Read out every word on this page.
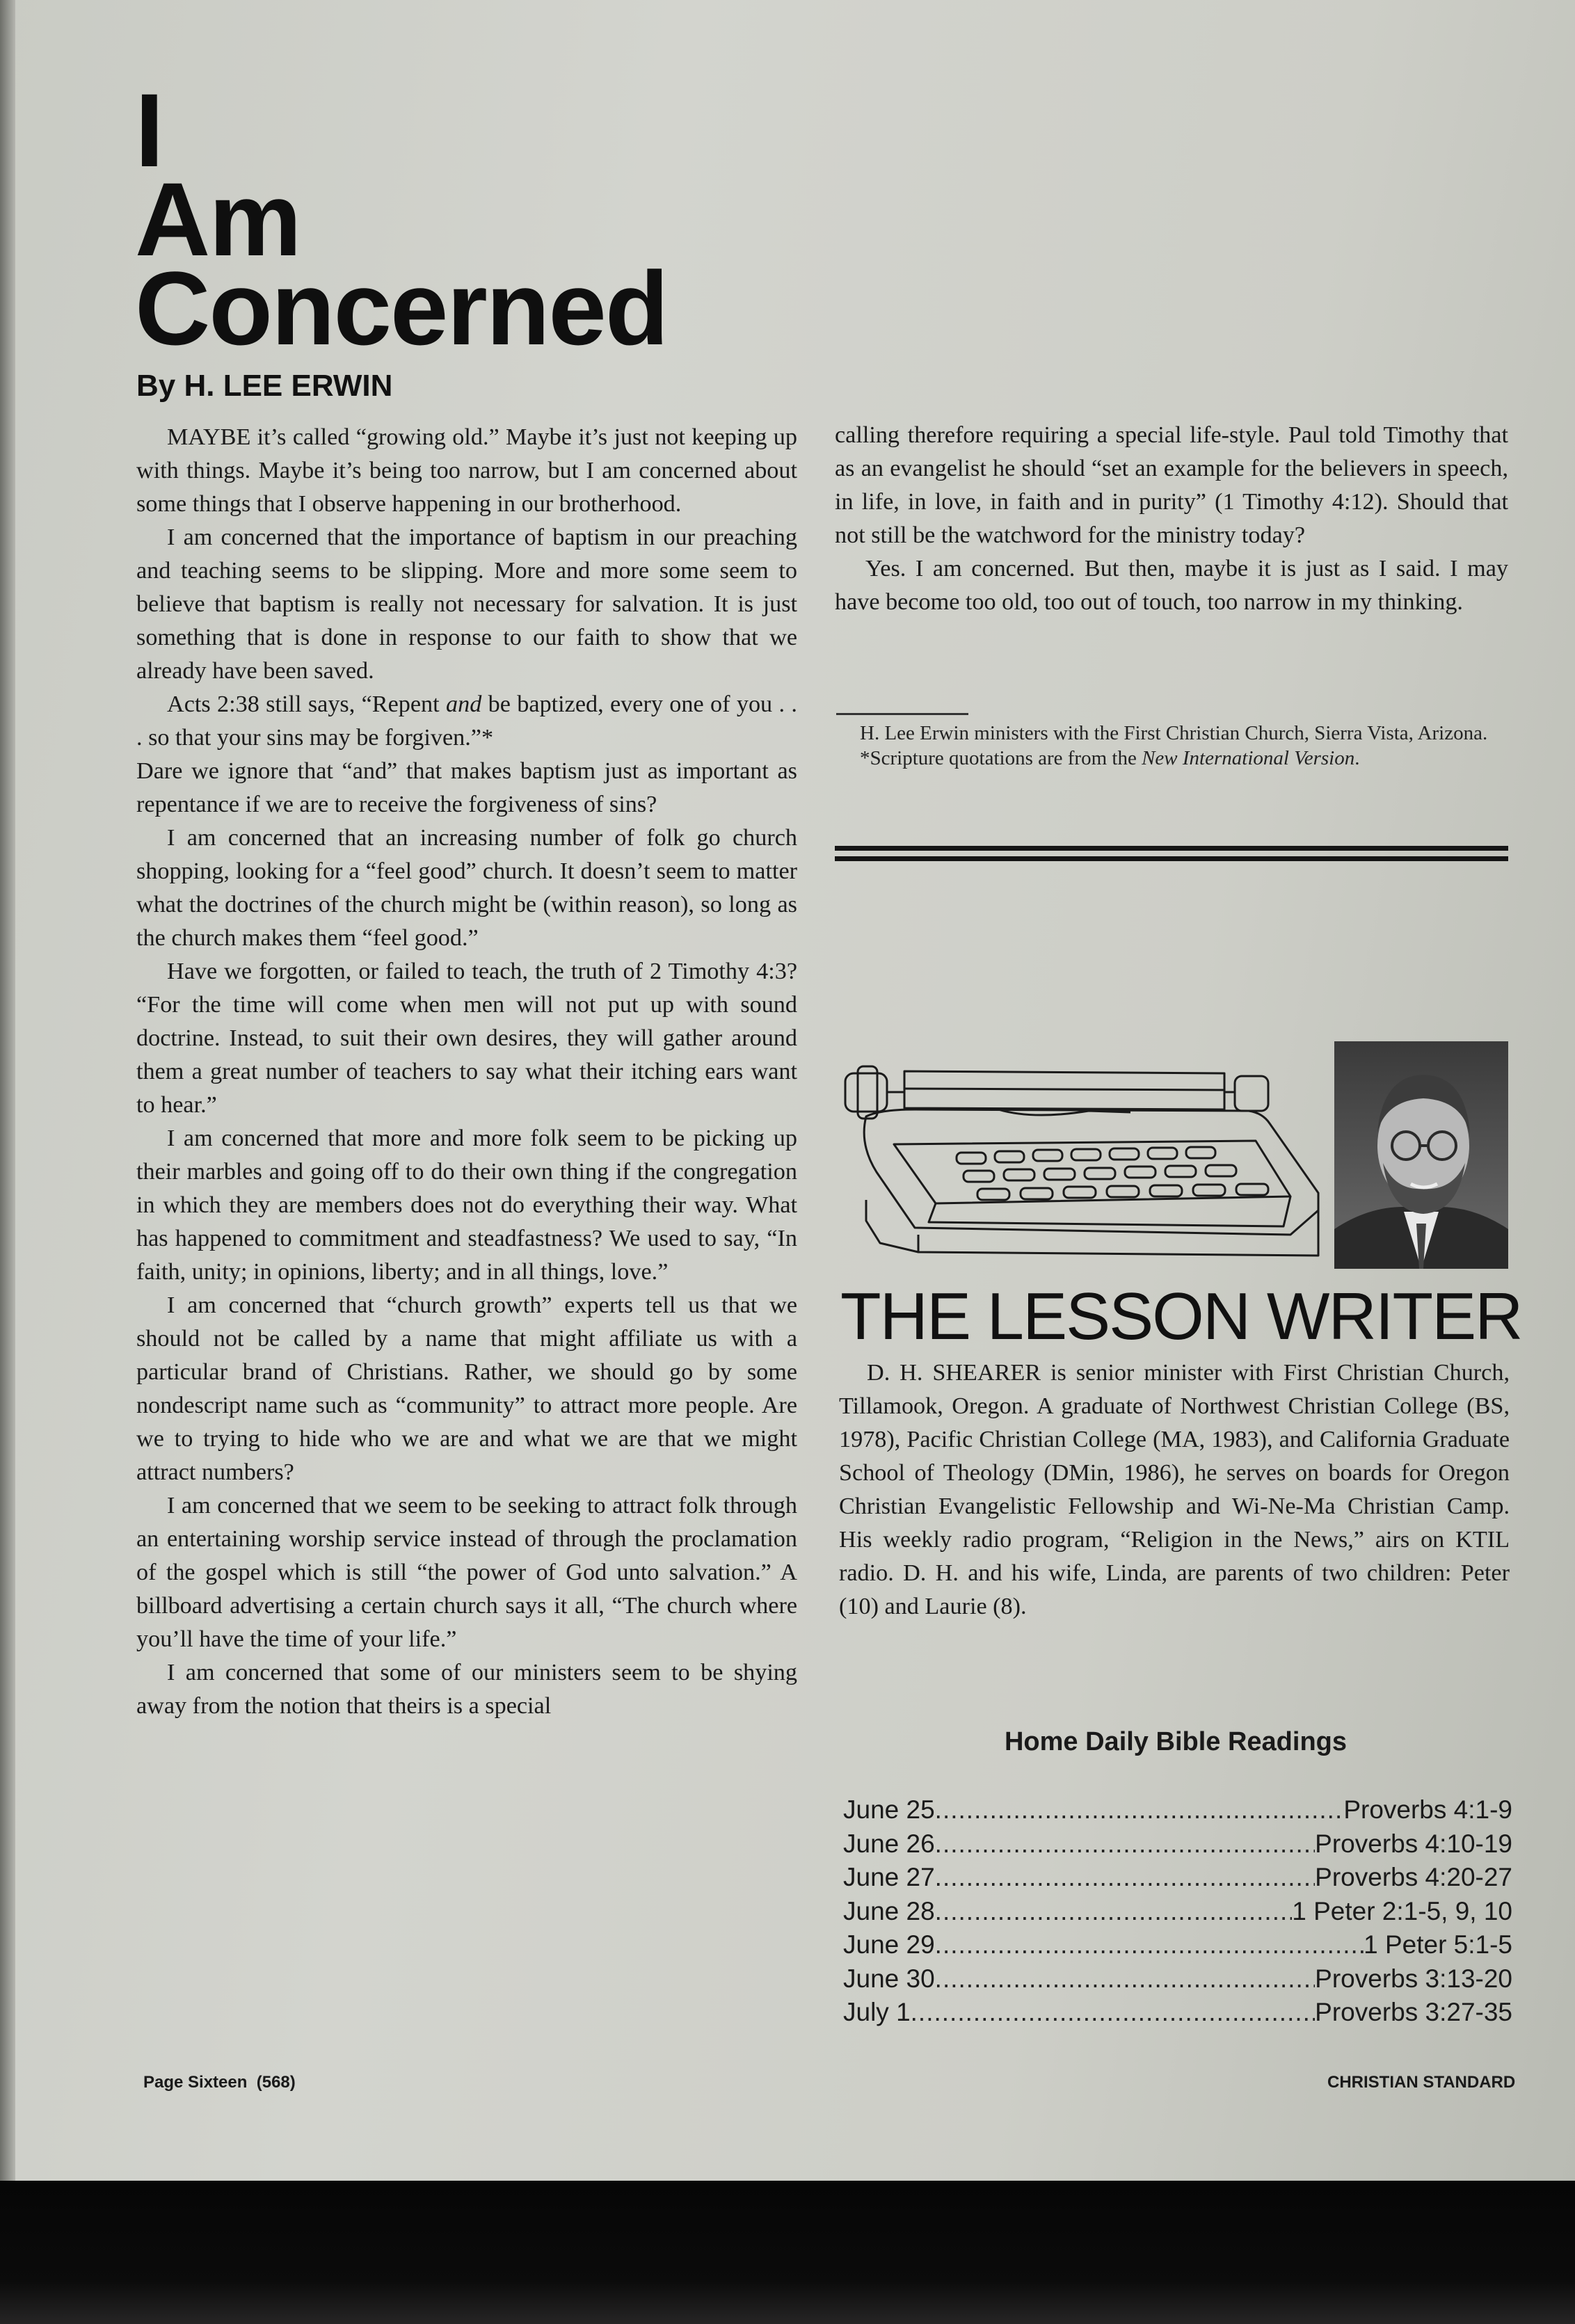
I
Am
Concerned
By H. LEE ERWIN

MAYBE it’s called “growing old.” Maybe it’s just not keeping up with things. Maybe it’s being too narrow, but I am concerned about some things that I observe happening in our brotherhood.

I am concerned that the importance of baptism in our preaching and teaching seems to be slipping. More and more some seem to believe that baptism is really not necessary for salvation. It is just something that is done in response to our faith to show that we already have been saved.

Acts 2:38 still says, “Repent and be baptized, every one of you . . . so that your sins may be forgiven.”*

Dare we ignore that “and” that makes baptism just as important as repentance if we are to receive the forgiveness of sins?

I am concerned that an increasing number of folk go church shopping, looking for a “feel good” church. It doesn’t seem to matter what the doctrines of the church might be (within reason), so long as the church makes them “feel good.”

Have we forgotten, or failed to teach, the truth of 2 Timothy 4:3? “For the time will come when men will not put up with sound doctrine. Instead, to suit their own desires, they will gather around them a great number of teachers to say what their itching ears want to hear.”

I am concerned that more and more folk seem to be picking up their marbles and going off to do their own thing if the congregation in which they are members does not do everything their way. What has happened to commitment and steadfastness? We used to say, “In faith, unity; in opinions, liberty; and in all things, love.”

I am concerned that “church growth” experts tell us that we should not be called by a name that might affiliate us with a particular brand of Christians. Rather, we should go by some nondescript name such as “community” to attract more people. Are we to trying to hide who we are and what we are that we might attract numbers?

I am concerned that we seem to be seeking to attract folk through an entertaining worship service instead of through the proclamation of the gospel which is still “the power of God unto salvation.” A billboard advertising a certain church says it all, “The church where you’ll have the time of your life.”

I am concerned that some of our ministers seem to be shying away from the notion that theirs is a special

calling therefore requiring a special life-style. Paul told Timothy that as an evangelist he should “set an example for the believers in speech, in life, in love, in faith and in purity” (1 Timothy 4:12). Should that not still be the watchword for the ministry today?

Yes. I am concerned. But then, maybe it is just as I said. I may have become too old, too out of touch, too narrow in my thinking.

H. Lee Erwin ministers with the First Christian Church, Sierra Vista, Arizona.

*Scripture quotations are from the New International Version.

THE LESSON WRITER

D. H. SHEARER is senior minister with First Christian Church, Tillamook, Oregon. A graduate of Northwest Christian College (BS, 1978), Pacific Christian College (MA, 1983), and California Graduate School of Theology (DMin, 1986), he serves on boards for Oregon Christian Evangelistic Fellowship and Wi-Ne-Ma Christian Camp. His weekly radio program, “Religion in the News,” airs on KTIL radio. D. H. and his wife, Linda, are parents of two children: Peter (10) and Laurie (8).

Home Daily Bible Readings
June 25 .....	Proverbs 4:1-9
June 26 .....	Proverbs 4:10-19
June 27 .....	Proverbs 4:20-27
June 28 .....	1 Peter 2:1-5, 9, 10
June 29 .....	1 Peter 5:1-5
June 30 .....	Proverbs 3:13-20
July 1 .....	Proverbs 3:27-35
Page Sixteen  (568)	CHRISTIAN STANDARD
